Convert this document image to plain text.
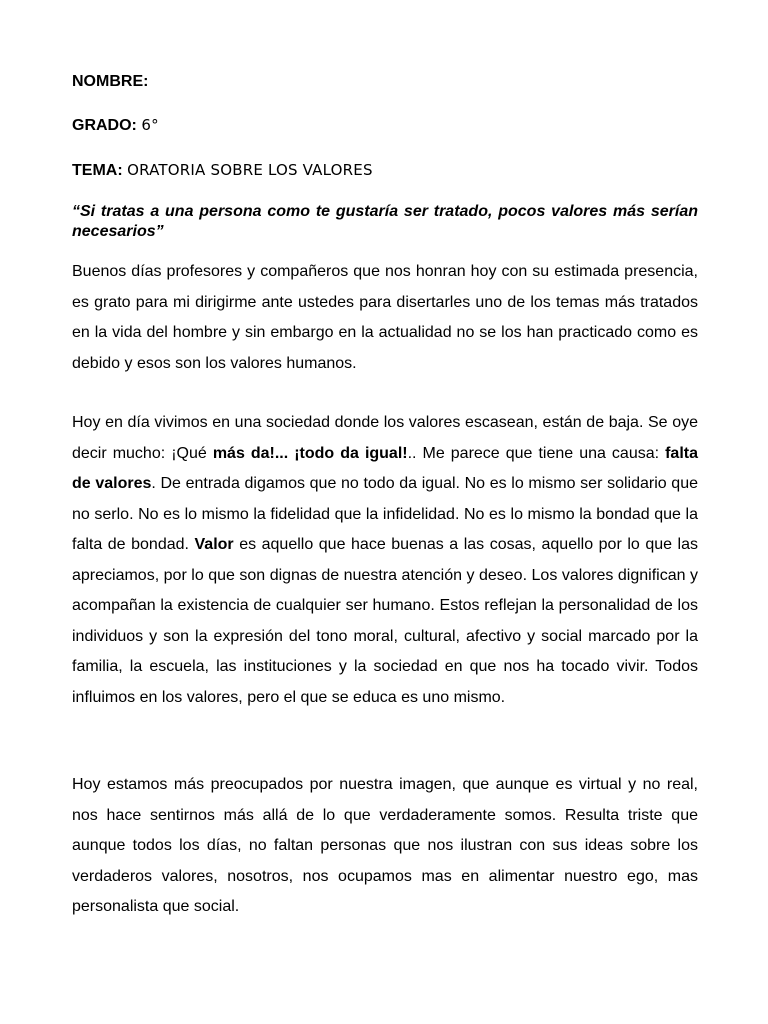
NOMBRE:
GRADO: 6°
TEMA: ORATORIA SOBRE LOS VALORES
“Si tratas a una persona como te gustaría ser tratado, pocos valores más serían necesarios”

Buenos días profesores y compañeros que nos honran hoy con su estimada presencia, es grato para mi dirigirme ante ustedes para disertarles uno de los temas más tratados en la vida del hombre y sin embargo en la actualidad no se los han practicado como es debido y esos son los valores humanos.

Hoy en día vivimos en una sociedad donde los valores escasean, están de baja. Se oye decir mucho: ¡Qué más da!... ¡todo da igual!.. Me parece que tiene una causa: falta de valores. De entrada digamos que no todo da igual. No es lo mismo ser solidario que no serlo. No es lo mismo la fidelidad que la infidelidad. No es lo mismo la bondad que la falta de bondad. Valor es aquello que hace buenas a las cosas, aquello por lo que las apreciamos, por lo que son dignas de nuestra atención y deseo. Los valores dignifican y acompañan la existencia de cualquier ser humano. Estos reflejan la personalidad de los individuos y son la expresión del tono moral, cultural, afectivo y social marcado por la familia, la escuela, las instituciones y la sociedad en que nos ha tocado vivir. Todos influimos en los valores, pero el que se educa es uno mismo.

Hoy estamos más preocupados por nuestra imagen, que aunque es virtual y no real, nos hace sentirnos más allá de lo que verdaderamente somos. Resulta triste que aunque todos los días, no faltan personas que nos ilustran con sus ideas sobre los verdaderos valores, nosotros, nos ocupamos mas en alimentar nuestro ego, mas personalista que social.
